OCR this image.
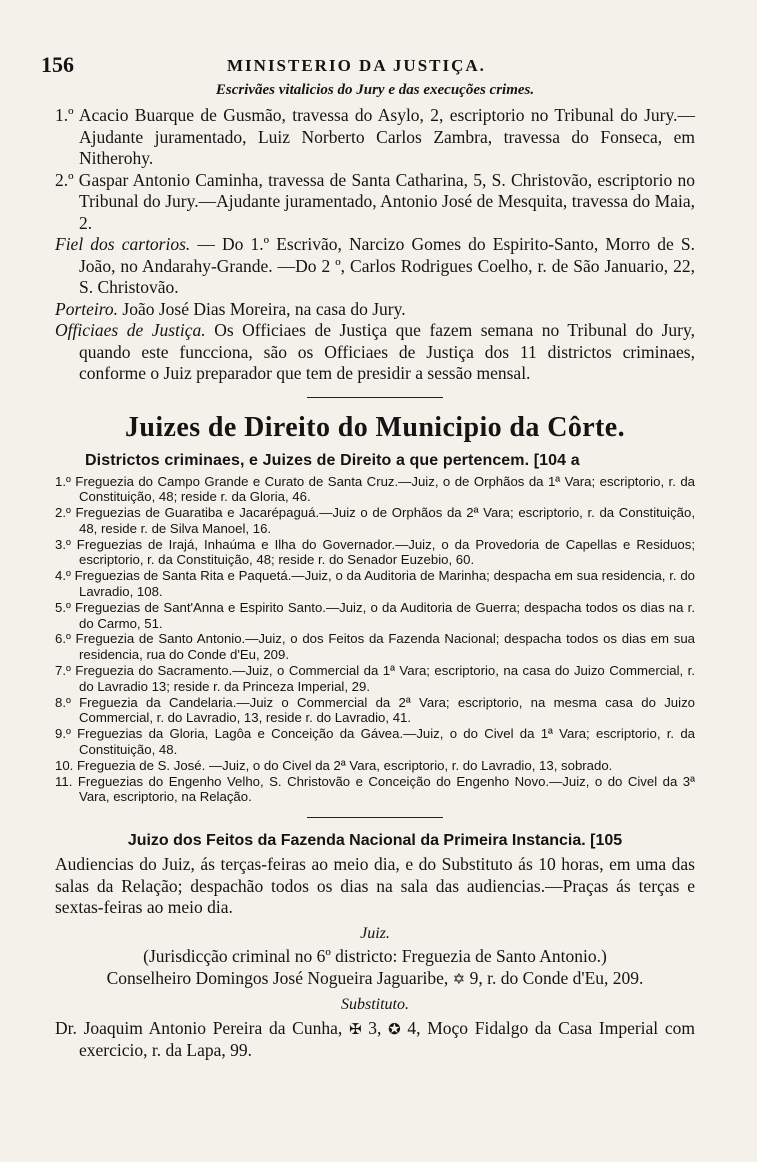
156	MINISTERIO DA JUSTIÇA.
Escrivães vitalicios do Jury e das execuções crimes.

1.º Acacio Buarque de Gusmão, travessa do Asylo, 2, escriptorio no Tribunal do Jury.—Ajudante juramentado, Luiz Norberto Carlos Zambra, travessa do Fonseca, em Nitherohy.

2.º Gaspar Antonio Caminha, travessa de Santa Catharina, 5, S. Christovão, escriptorio no Tribunal do Jury.—Ajudante juramentado, Antonio José de Mesquita, travessa do Maia, 2.

Fiel dos cartorios. — Do 1.º Escrivão, Narcizo Gomes do Espirito-Santo, Morro de S. João, no Andarahy-Grande. —Do 2 º, Carlos Rodrigues Coelho, r. de São Januario, 22, S. Christovão.

Porteiro. João José Dias Moreira, na casa do Jury.

Officiaes de Justiça. Os Officiaes de Justiça que fazem semana no Tribunal do Jury, quando este funcciona, são os Officiaes de Justiça dos 11 districtos criminaes, conforme o Juiz preparador que tem de presidir a sessão mensal.

Juizes de Direito do Municipio da Côrte.
Districtos criminaes, e Juizes de Direito a que pertencem. [104 a

1.º Freguezia do Campo Grande e Curato de Santa Cruz.—Juiz, o de Orphãos da 1ª Vara; escriptorio, r. da Constituição, 48; reside r. da Gloria, 46.

2.º Freguezias de Guaratiba e Jacarépaguá.—Juiz o de Orphãos da 2ª Vara; escriptorio, r. da Constituição, 48, reside r. de Silva Manoel, 16.

3.º Freguezias de Irajá, Inhaúma e Ilha do Governador.—Juiz, o da Provedoria de Capellas e Residuos; escriptorio, r. da Constituição, 48; reside r. do Senador Euzebio, 60.

4.º Freguezias de Santa Rita e Paquetá.—Juiz, o da Auditoria de Marinha; despacha em sua residencia, r. do Lavradio, 108.

5.º Freguezias de Sant'Anna e Espirito Santo.—Juiz, o da Auditoria de Guerra; despacha todos os dias na r. do Carmo, 51.

6.º Freguezia de Santo Antonio.—Juiz, o dos Feitos da Fazenda Nacional; despacha todos os dias em sua residencia, rua do Conde d'Eu, 209.

7.º Freguezia do Sacramento.—Juiz, o Commercial da 1ª Vara; escriptorio, na casa do Juizo Commercial, r. do Lavradio 13; reside r. da Princeza Imperial, 29.

8.º Freguezia da Candelaria.—Juiz o Commercial da 2ª Vara; escriptorio, na mesma casa do Juizo Commercial, r. do Lavradio, 13, reside r. do Lavradio, 41.

9.º Freguezias da Gloria, Lagôa e Conceição da Gávea.—Juiz, o do Civel da 1ª Vara; escriptorio, r. da Constituição, 48.

10. Freguezia de S. José. —Juiz, o do Civel da 2ª Vara, escriptorio, r. do Lavradio, 13, sobrado.

11. Freguezias do Engenho Velho, S. Christovão e Conceição do Engenho Novo.—Juiz, o do Civel da 3ª Vara, escriptorio, na Relação.

Juizo dos Feitos da Fazenda Nacional da Primeira Instancia. [105

Audiencias do Juiz, ás terças-feiras ao meio dia, e do Substituto ás 10 horas, em uma das salas da Relação; despachão todos os dias na sala das audiencias.—Praças ás terças e sextas-feiras ao meio dia.

Juiz.

(Jurisdicção criminal no 6º districto: Freguezia de Santo Antonio.)

Conselheiro Domingos José Nogueira Jaguaribe, ✡ 9, r. do Conde d'Eu, 209.

Substituto.

Dr. Joaquim Antonio Pereira da Cunha, ✠ 3, ✪ 4, Moço Fidalgo da Casa Imperial com exercicio, r. da Lapa, 99.
